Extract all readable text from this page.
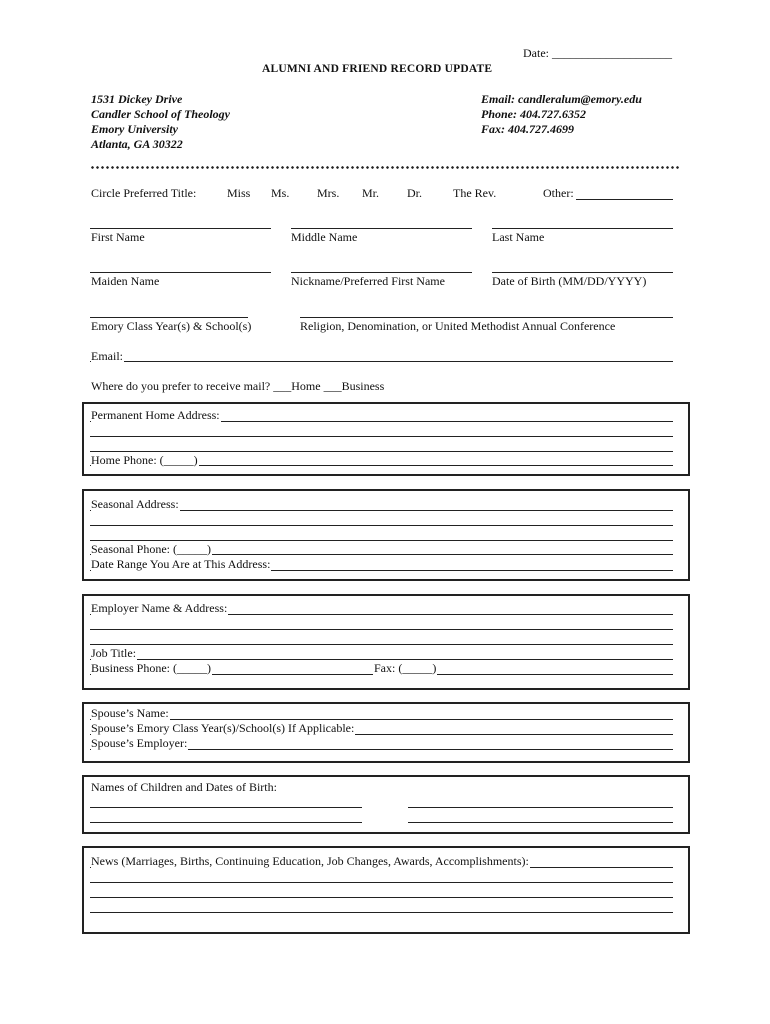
Date: ____________________
ALUMNI AND FRIEND RECORD UPDATE
1531 Dickey Drive
Candler School of Theology
Emory University
Atlanta, GA 30322
Email: candleralum@emory.edu
Phone: 404.727.6352
Fax: 404.727.4699
Circle Preferred Title:	Miss Ms. Mrs. Mr. Dr.	The Rev.	Other:
First Name	Middle Name	Last Name
Maiden Name	Nickname/Preferred First Name	Date of Birth (MM/DD/YYYY)
Emory Class Year(s) & School(s)	Religion, Denomination, or United Methodist Annual Conference
Email:
Where do you prefer to receive mail? ___Home ___Business
Permanent Home Address:
Home Phone: (_____)
Seasonal Address:
Seasonal Phone: (_____)
Date Range You Are at This Address:
Employer Name & Address:
Job Title:
Business Phone: (_____)	Fax: (_____)
Spouse’s Name:
Spouse’s Emory Class Year(s)/School(s) If Applicable:
Spouse’s Employer:
Names of Children and Dates of Birth:
News (Marriages, Births, Continuing Education, Job Changes, Awards, Accomplishments):
